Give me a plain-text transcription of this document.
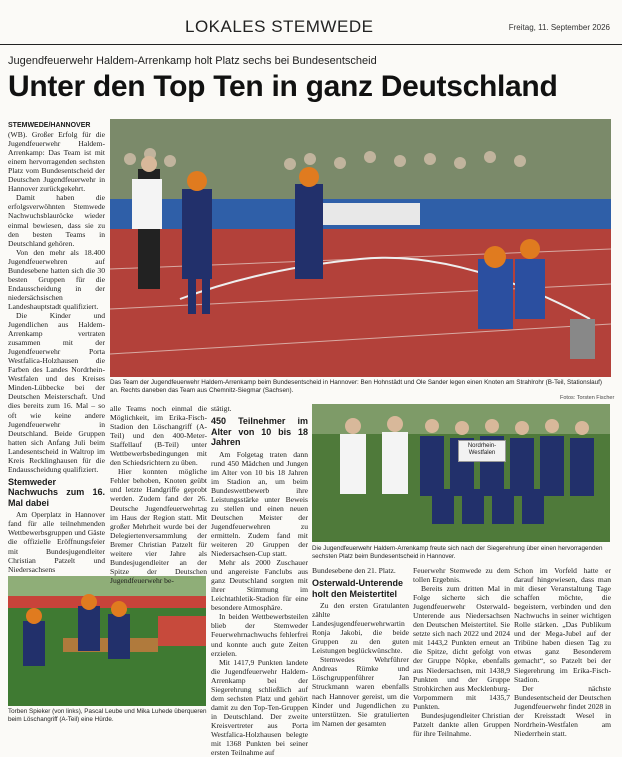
LOKALES STEMWEDE	Freitag, 11. September 2026
Jugendfeuerwehr Haldem-Arrenkamp holt Platz sechs bei Bundesentscheid
Unter den Top Ten in ganz Deutschland
Das Team der Jugendfeuerwehr Haldem-Arrenkamp beim Bundesentscheid in Hannover: Ben Hohnstädt und Ole Sander legen einen Knoten am Strahlrohr (B-Teil, Stationslauf) an. Rechts daneben das Team aus Chemnitz-Siegmar (Sachsen).
Fotos: Torsten Fischer

STEMWEDE/HANNOVER (WB). Großer Erfolg für die Jugendfeuerwehr Haldem-Arrenkamp: Das Team ist mit einem hervorragenden sechsten Platz vom Bundesentscheid der Deutschen Jugendfeuerwehr in Hannover zurückgekehrt.

Damit haben die erfolgsverwöhnten Stemwede Nachwuchsblauröcke wieder einmal bewiesen, dass sie zu den besten Teams in Deutschland gehören.

Von den mehr als 18.400 Jugendfeuerwehren auf Bundesebene hatten sich die 30 besten Gruppen für die Endausscheidung in der niedersächsischen Landeshauptstadt qualifiziert.

Die Kinder und Jugendlichen aus Haldem-Arrenkamp vertraten zusammen mit der Jugendfeuerwehr Porta Westfalica-Holzhausen die Farben des Landes Nordrhein-Westfalen und des Kreises Minden-Lübbecke bei der Deutschen Meisterschaft. Und dies bereits zum 16. Mal – so oft wie keine andere Jugendfeuerwehr in Deutschland. Beide Gruppen hatten sich Anfang Juli beim Landesentscheid in Waltrop im Kreis Recklinghausen für die Endausscheidung qualifiziert.

Stemweder Nachwuchs zum 16. Mal dabei

Am Operplatz in Hannover fand für alle teilnehmenden Wettbewerbsgruppen und Gäste die offizielle Eröffnungsfeier mit Bundesjugendleiter Christian Patzelt und Niedersachsens

Torben Spieker (von links), Pascal Leube und Mika Luhede überqueren beim Löschangriff (A-Teil) eine Hürde.

alle Teams noch einmal die Möglichkeit, im Erika-Fisch-Stadion den Löschangriff (A-Teil) und den 400-Meter-Staffellauf (B-Teil) unter Wettbewerbsbedingungen mit den Schiedsrichtern zu üben.

Hier konnten mögliche Fehler behoben, Knoten geübt und letzte Handgriffe geprobt werden. Zudem fand der 26. Deutsche Jugendfeuerwehrtag im Haus der Region statt. Mit großer Mehrheit wurde bei der Delegiertenversammlung der Bremer Christian Patzelt für weitere vier Jahre als Bundesjugendleiter an der Spitze der Deutschen Jugendfeuerwehr be-

stätigt.

450 Teilnehmer im Alter von 10 bis 18 Jahren

Am Folgetag traten dann rund 450 Mädchen und Jungen im Alter von 10 bis 18 Jahren im Stadion an, um beim Bundeswettbewerb ihre Leistungsstärke unter Beweis zu stellen und einen neuen Deutschen Meister der Jugendfeuerwehren zu ermitteln. Zudem fand mit weiteren 20 Gruppen der Niedersachsen-Cup statt.

Mehr als 2000 Zuschauer und angereiste Fanclubs aus ganz Deutschland sorgten mit ihrer Stimmung im Leichtathletik-Stadion für eine besondere Atmosphäre.

In beiden Wettbewerbsteilen blieb der Stemweder Feuerwehrnachwuchs fehlerfrei und konnte auch gute Zeiten erzielen.

Mit 1417,9 Punkten landete die Jugendfeuerwehr Haldem-Arrenkamp bei der Siegerehrung schließlich auf dem sechsten Platz und gehört damit zu den Top-Ten-Gruppen in Deutschland. Der zweite Kreisvertreter aus Porta Westfalica-Holzhausen belegte mit 1368 Punkten bei seiner ersten Teilnahme auf

Nordrhein-Westfalen
Die Jugendfeuerwehr Haldem-Arrenkamp freute sich nach der Siegerehrung über einen hervorragenden sechsten Platz beim Bundesentscheid in Hannover.

Bundesebene den 21. Platz.

Osterwald-Unterende holt den Meistertitel

Zu den ersten Gratulanten zählte Landesjugendfeuerwehrwartin Ronja Jakobi, die beide Gruppen zu den guten Leistungen beglückwünschte.

Stemwedes Wehrführer Andreas Rümke und Löschgruppenführer Jan Struckmann waren ebenfalls nach Hannover gereist, um die Kinder und Jugendlichen zu unterstützen. Sie gratulierten im Namen der gesamten

Feuerwehr Stemwede zu dem tollen Ergebnis.

Bereits zum dritten Mal in Folge sicherte sich die Jugendfeuerwehr Osterwald-Unterende aus Niedersachsen den Deutschen Meistertitel. Sie setzte sich nach 2022 und 2024 mit 1443,2 Punkten erneut an die Spitze, dicht gefolgt von der Gruppe Nöpke, ebenfalls aus Niedersachsen, mit 1438,9 Punkten und der Gruppe Strohkirchen aus Mecklenburg-Vorpommern mit 1435,7 Punkten.

Bundesjugendleiter Christian Patzelt dankte allen Gruppen für ihre Teilnahme.

Schon im Vorfeld hatte er darauf hingewiesen, dass man mit dieser Veranstaltung Tage schaffen möchte, die begeistern, verbinden und den Nachwuchs in seiner wichtigen Rolle stärken. „Das Publikum und der Mega-Jubel auf der Tribüne haben diesen Tag zu etwas ganz Besonderem gemacht“, so Patzelt bei der Siegerehrung im Erika-Fisch-Stadion.

Der nächste Bundesentscheid der Deutschen Jugendfeuerwehr findet 2028 in der Kreisstadt Wesel in Nordrhein-Westfalen am Niederrhein statt.
